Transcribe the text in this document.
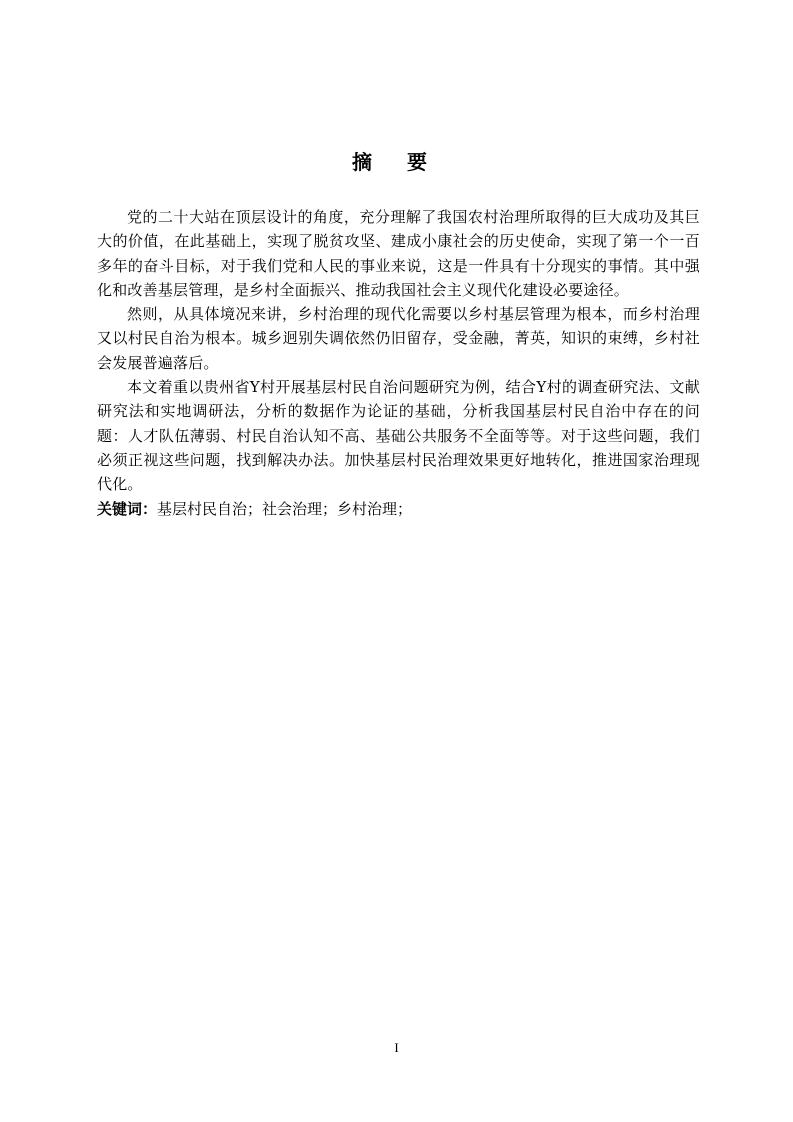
摘 要

党的二十大站在顶层设计的角度，充分理解了我国农村治理所取得的巨大成功及其巨大的价值，在此基础上，实现了脱贫攻坚、建成小康社会的历史使命，实现了第一个一百多年的奋斗目标，对于我们党和人民的事业来说，这是一件具有十分现实的事情。其中强化和改善基层管理，是乡村全面振兴、推动我国社会主义现代化建设必要途径。

然则，从具体境况来讲，乡村治理的现代化需要以乡村基层管理为根本，而乡村治理又以村民自治为根本。城乡迥别失调依然仍旧留存，受金融，菁英，知识的束缚，乡村社会发展普遍落后。

本文着重以贵州省Y村开展基层村民自治问题研究为例，结合Y村的调查研究法、文献研究法和实地调研法，分析的数据作为论证的基础，分析我国基层村民自治中存在的问题：人才队伍薄弱、村民自治认知不高、基础公共服务不全面等等。对于这些问题，我们必须正视这些问题，找到解决办法。加快基层村民治理效果更好地转化，推进国家治理现代化。

关键词：基层村民自治；社会治理；乡村治理；

I
